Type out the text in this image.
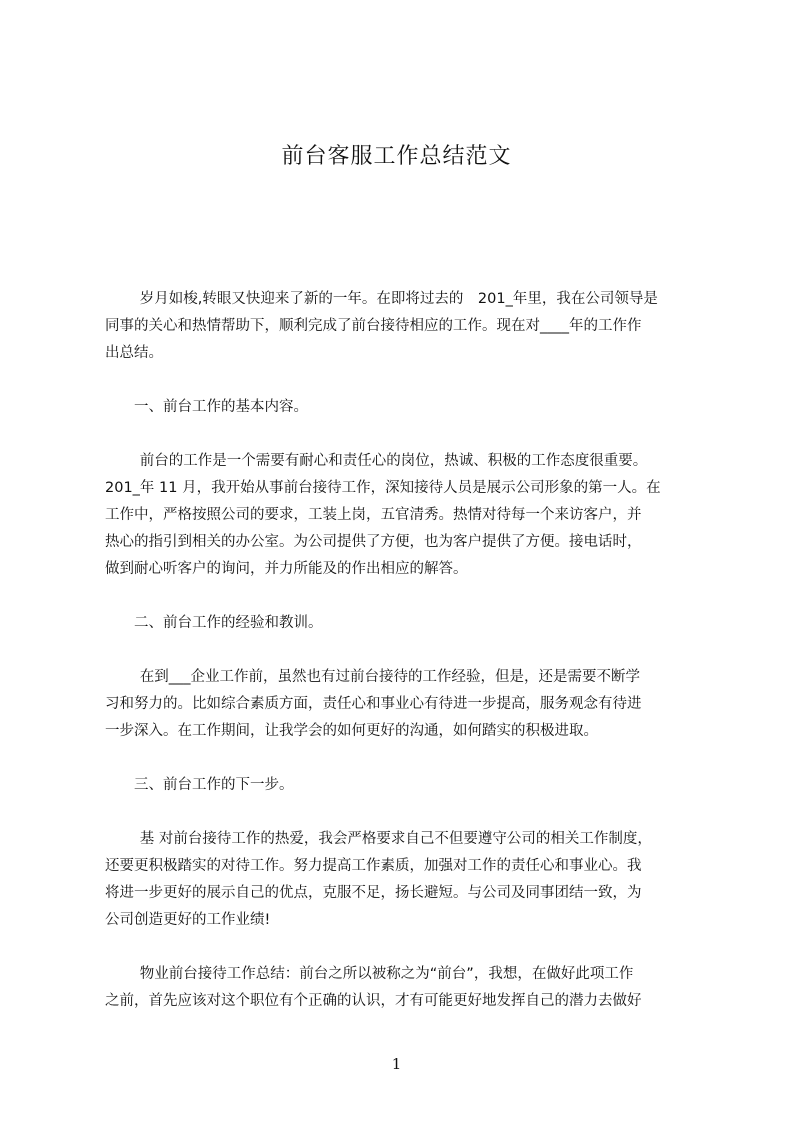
前台客服工作总结范文
岁月如梭,转眼又快迎来了新的一年。在即将过去的　201_年里，我在公司领导是
同事的关心和热情帮助下，顺利完成了前台接待相应的工作。现在对____年的工作作
出总结。
一、前台工作的基本内容。
前台的工作是一个需要有耐心和责任心的岗位，热诚、积极的工作态度很重要。
201_年 11 月，我开始从事前台接待工作，深知接待人员是展示公司形象的第一人。在
工作中，严格按照公司的要求，工装上岗，五官清秀。热情对待每一个来访客户，并
热心的指引到相关的办公室。为公司提供了方便，也为客户提供了方便。接电话时，
做到耐心听客户的询问，并力所能及的作出相应的解答。
二、前台工作的经验和教训。
在到___企业工作前，虽然也有过前台接待的工作经验，但是，还是需要不断学
习和努力的。比如综合素质方面，责任心和事业心有待进一步提高，服务观念有待进
一步深入。在工作期间，让我学会的如何更好的沟通，如何踏实的积极进取。
三、前台工作的下一步。
基 对前台接待工作的热爱，我会严格要求自己不但要遵守公司的相关工作制度，
还要更积极踏实的对待工作。努力提高工作素质，加强对工作的责任心和事业心。我
将进一步更好的展示自己的优点，克服不足，扬长避短。与公司及同事团结一致，为
公司创造更好的工作业绩!
物业前台接待工作总结：前台之所以被称之为“前台”，我想，在做好此项工作
之前，首先应该对这个职位有个正确的认识，才有可能更好地发挥自己的潜力去做好
1
